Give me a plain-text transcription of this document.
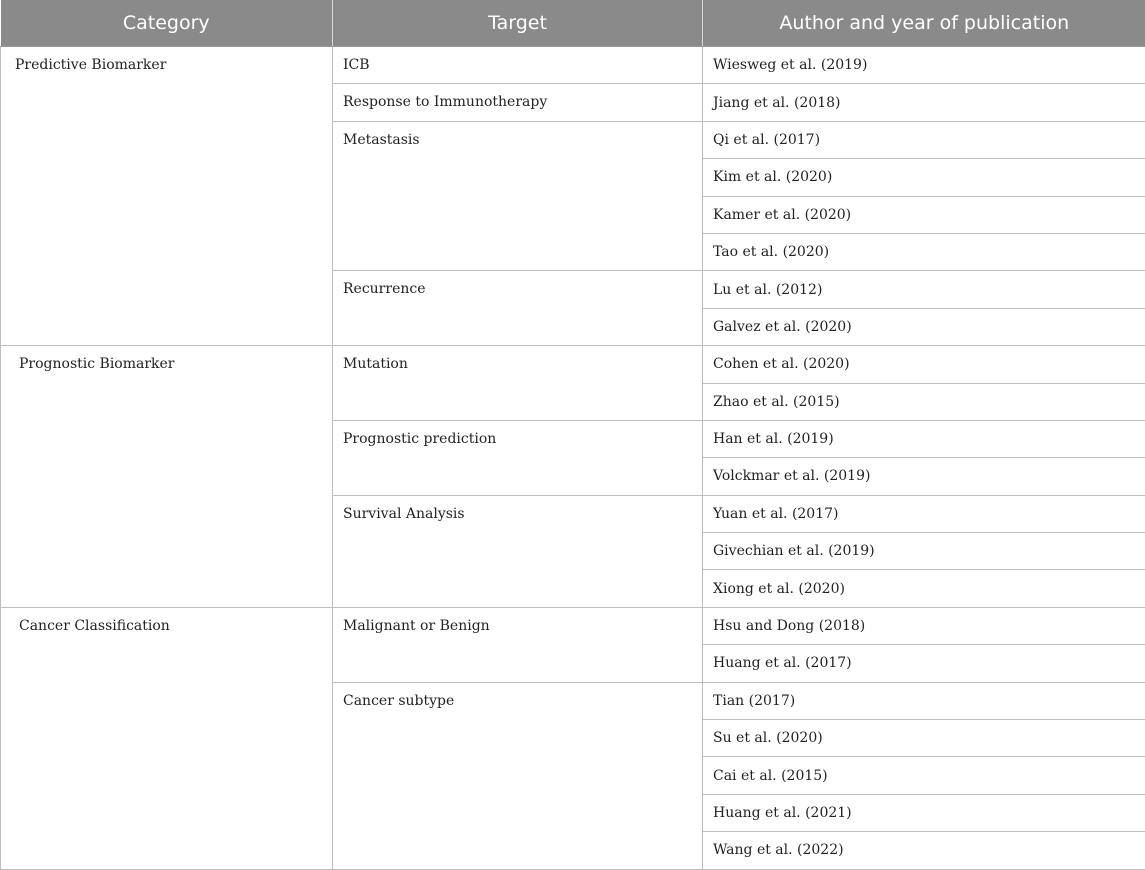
Category	Target	Author and year of publication
Predictive Biomarker	ICB	Wiesweg et al. (2019)
	Response to Immunotherapy	Jiang et al. (2018)
	Metastasis	Qi et al. (2017)
		Kim et al. (2020)
		Kamer et al. (2020)
		Tao et al. (2020)
	Recurrence	Lu et al. (2012)
		Galvez et al. (2020)
Prognostic Biomarker	Mutation	Cohen et al. (2020)
		Zhao et al. (2015)
	Prognostic prediction	Han et al. (2019)
		Volckmar et al. (2019)
	Survival Analysis	Yuan et al. (2017)
		Givechian et al. (2019)
		Xiong et al. (2020)
Cancer Classification	Malignant or Benign	Hsu and Dong (2018)
		Huang et al. (2017)
	Cancer subtype	Tian (2017)
		Su et al. (2020)
		Cai et al. (2015)
		Huang et al. (2021)
		Wang et al. (2022)
